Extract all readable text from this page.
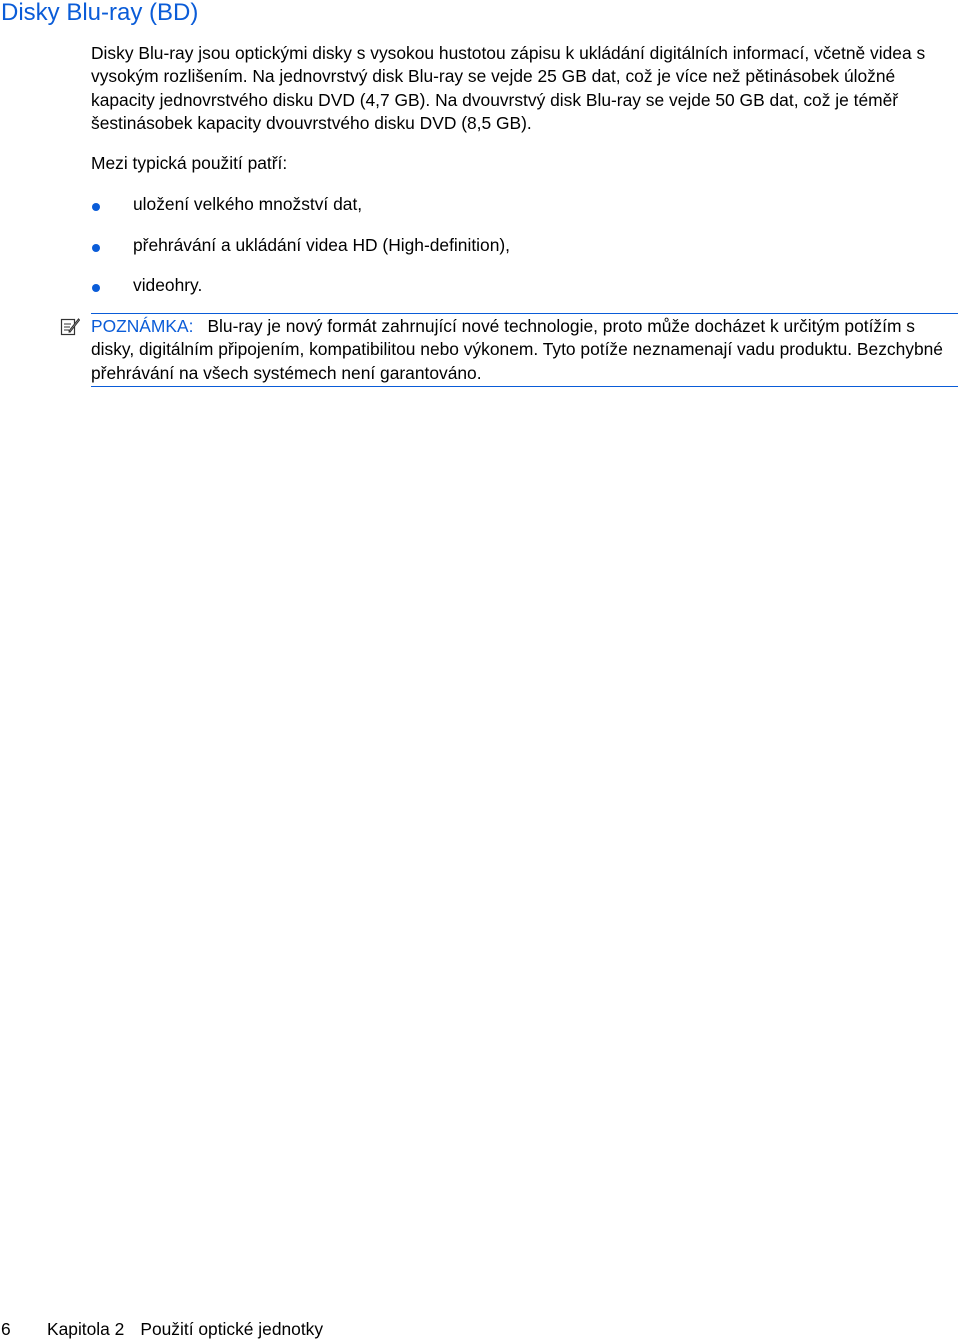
Disky Blu-ray (BD)

Disky Blu-ray jsou optickými disky s vysokou hustotou zápisu k ukládání digitálních informací, včetně videa s vysokým rozlišením. Na jednovrstvý disk Blu-ray se vejde 25 GB dat, což je více než pětinásobek úložné kapacity jednovrstvého disku DVD (4,7 GB). Na dvouvrstvý disk Blu-ray se vejde 50 GB dat, což je téměř šestinásobek kapacity dvouvrstvého disku DVD (8,5 GB).

Mezi typická použití patří:

uložení velkého množství dat,
přehrávání a ukládání videa HD (High-definition),
videohry.
POZNÁMKA: Blu-ray je nový formát zahrnující nové technologie, proto může docházet k určitým potížím s disky, digitálním připojením, kompatibilitou nebo výkonem. Tyto potíže neznamenají vadu produktu. Bezchybné přehrávání na všech systémech není garantováno.
6 Kapitola 2 Použití optické jednotky
